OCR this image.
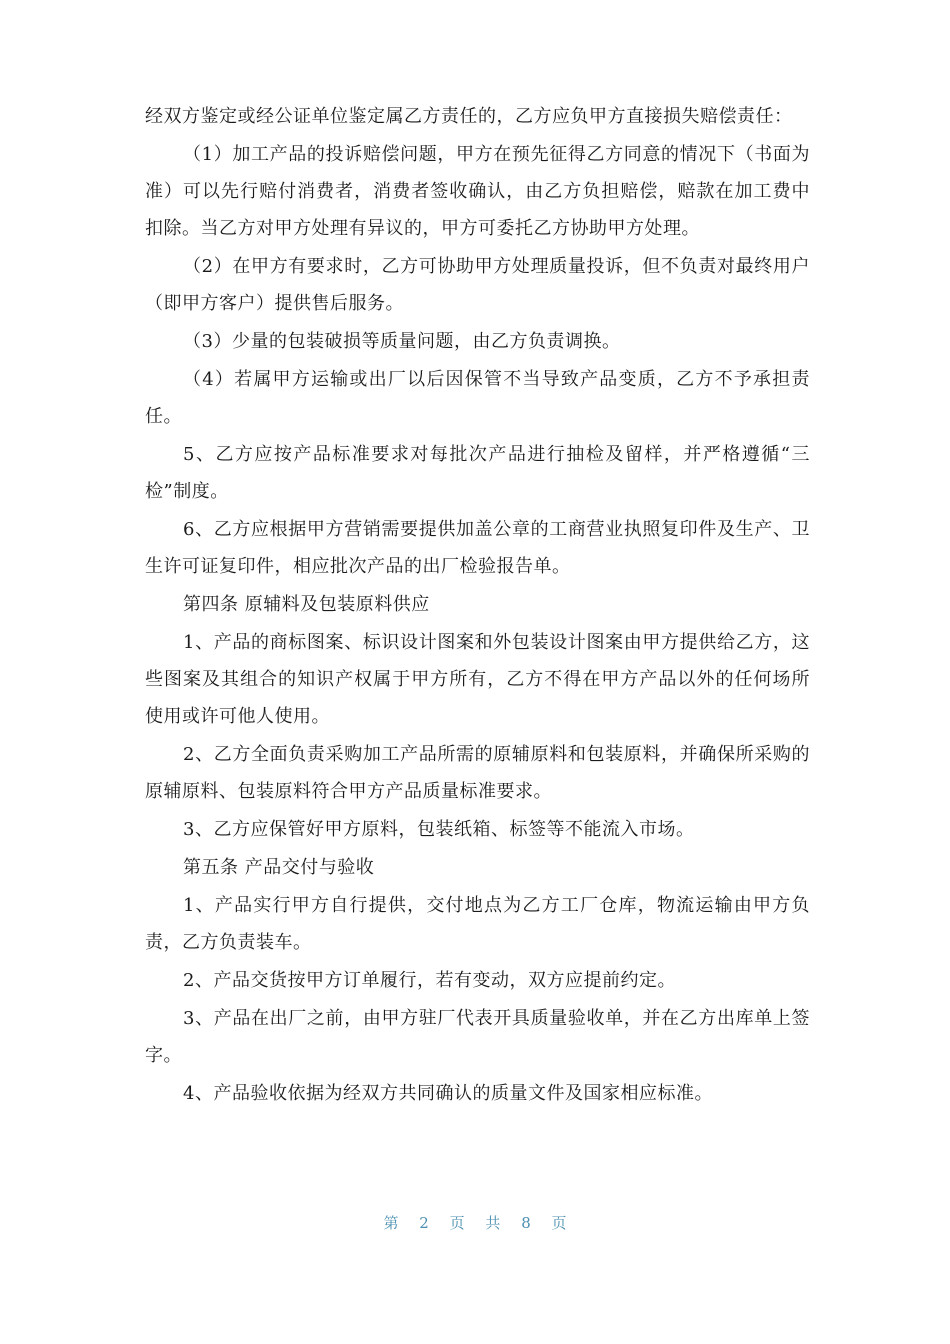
经双方鉴定或经公证单位鉴定属乙方责任的，乙方应负甲方直接损失赔偿责任：

（1）加工产品的投诉赔偿问题，甲方在预先征得乙方同意的情况下（书面为准）可以先行赔付消费者，消费者签收确认，由乙方负担赔偿，赔款在加工费中扣除。当乙方对甲方处理有异议的，甲方可委托乙方协助甲方处理。

（2）在甲方有要求时，乙方可协助甲方处理质量投诉，但不负责对最终用户（即甲方客户）提供售后服务。

（3）少量的包装破损等质量问题，由乙方负责调换。

（4）若属甲方运输或出厂以后因保管不当导致产品变质，乙方不予承担责任。

5、乙方应按产品标准要求对每批次产品进行抽检及留样，并严格遵循“三检”制度。

6、乙方应根据甲方营销需要提供加盖公章的工商营业执照复印件及生产、卫生许可证复印件，相应批次产品的出厂检验报告单。

第四条 原辅料及包装原料供应

1、产品的商标图案、标识设计图案和外包装设计图案由甲方提供给乙方，这些图案及其组合的知识产权属于甲方所有，乙方不得在甲方产品以外的任何场所使用或许可他人使用。

2、乙方全面负责采购加工产品所需的原辅原料和包装原料，并确保所采购的原辅原料、包装原料符合甲方产品质量标准要求。

3、乙方应保管好甲方原料，包装纸箱、标签等不能流入市场。

第五条 产品交付与验收

1、产品实行甲方自行提供，交付地点为乙方工厂仓库，物流运输由甲方负责，乙方负责装车。

2、产品交货按甲方订单履行，若有变动，双方应提前约定。

3、产品在出厂之前，由甲方驻厂代表开具质量验收单，并在乙方出库单上签字。

4、产品验收依据为经双方共同确认的质量文件及国家相应标准。

第 2 页 共 8 页
